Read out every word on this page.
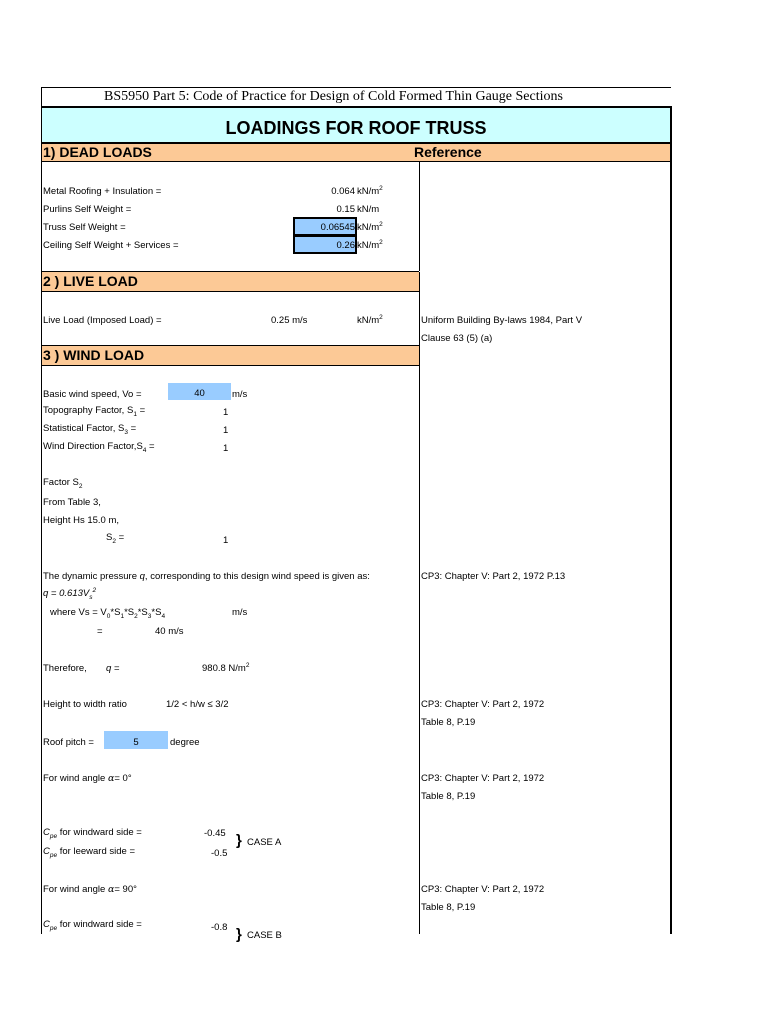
BS5950 Part 5: Code of Practice for Design of Cold Formed Thin Gauge Sections
LOADINGS FOR ROOF TRUSS
1) DEAD LOADS	Reference
Metal Roofing + Insulation =	0.064 $kN/m^2$
Purlins Self Weight =	0.15 kN/m
Truss Self Weight =	0.06545 $kN/m^2$
Ceiling Self Weight + Services =	0.26 $kN/m^2$
2 ) LIVE LOAD
Live Load (Imposed Load) =	0.25 m/s	$kN/m^2$	Uniform Building By-laws 1984, Part V
Clause 63 (5) (a)
3 ) WIND LOAD
Basic wind speed, Vo =	40	m/s
Topography Factor, $S_1$ =	1
Statistical Factor, $S_3$ =	1
Wind Direction $Factor,S_4$ =	1
Factor $S_2$
From Table 3,
Height Hs 15.0 m,
$S_2$ =	1
The dynamic pressure q, corresponding to this design wind speed is given as:	CP3: Chapter V: Part 2, 1972 P.13
$q = 0.613V_s^2$
where $Vs = V_0*S_1*S_2*S_3*S_4$	m/s
=	40 m/s
Therefore, q =	980.8 $N/m^2$
Height to width ratio	1/2 < h/w ≤ 3/2	CP3: Chapter V: Part 2, 1972
Table 8, P.19
Roof pitch =	5	degree
For wind angle α= 0°	CP3: Chapter V: Part 2, 1972
Table 8, P.19
$C_{pe}$ for windward side =	-0.45
$C_{pe}$ for leeward side =	-0.5
} CASE A
For wind angle α= 90°	CP3: Chapter V: Part 2, 1972
Table 8, P.19
$C_{pe}$ for windward side =	-0.8 } CASE B
